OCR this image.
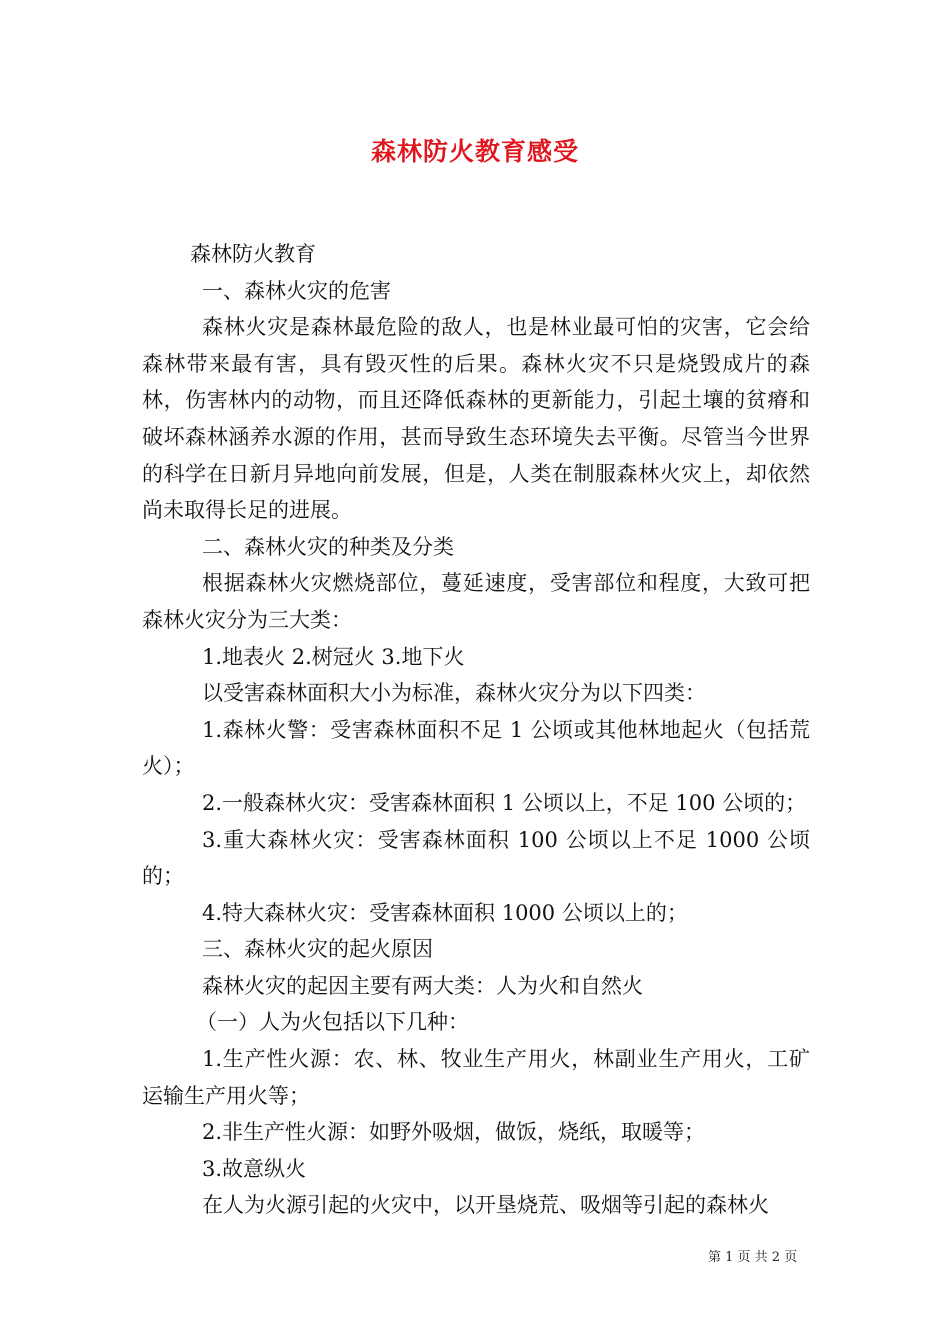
森林防火教育感受

森林防火教育

一、森林火灾的危害

森林火灾是森林最危险的敌人，也是林业最可怕的灾害，它会给森林带来最有害，具有毁灭性的后果。森林火灾不只是烧毁成片的森林，伤害林内的动物，而且还降低森林的更新能力，引起土壤的贫瘠和破坏森林涵养水源的作用，甚而导致生态环境失去平衡。尽管当今世界的科学在日新月异地向前发展，但是，人类在制服森林火灾上，却依然尚未取得长足的进展。

二、森林火灾的种类及分类

根据森林火灾燃烧部位，蔓延速度，受害部位和程度，大致可把森林火灾分为三大类：

1.地表火 2.树冠火 3.地下火

以受害森林面积大小为标准，森林火灾分为以下四类：

1.森林火警：受害森林面积不足 1 公顷或其他林地起火（包括荒火）；

2.一般森林火灾：受害森林面积 1 公顷以上，不足 100 公顷的；

3.重大森林火灾：受害森林面积 100 公顷以上不足 1000 公顷的；

4.特大森林火灾：受害森林面积 1000 公顷以上的；

三、森林火灾的起火原因

森林火灾的起因主要有两大类：人为火和自然火

（一）人为火包括以下几种：

1.生产性火源：农、林、牧业生产用火，林副业生产用火，工矿运输生产用火等；

2.非生产性火源：如野外吸烟，做饭，烧纸，取暖等；

3.故意纵火

在人为火源引起的火灾中，以开垦烧荒、吸烟等引起的森林火

第 1 页 共 2 页
